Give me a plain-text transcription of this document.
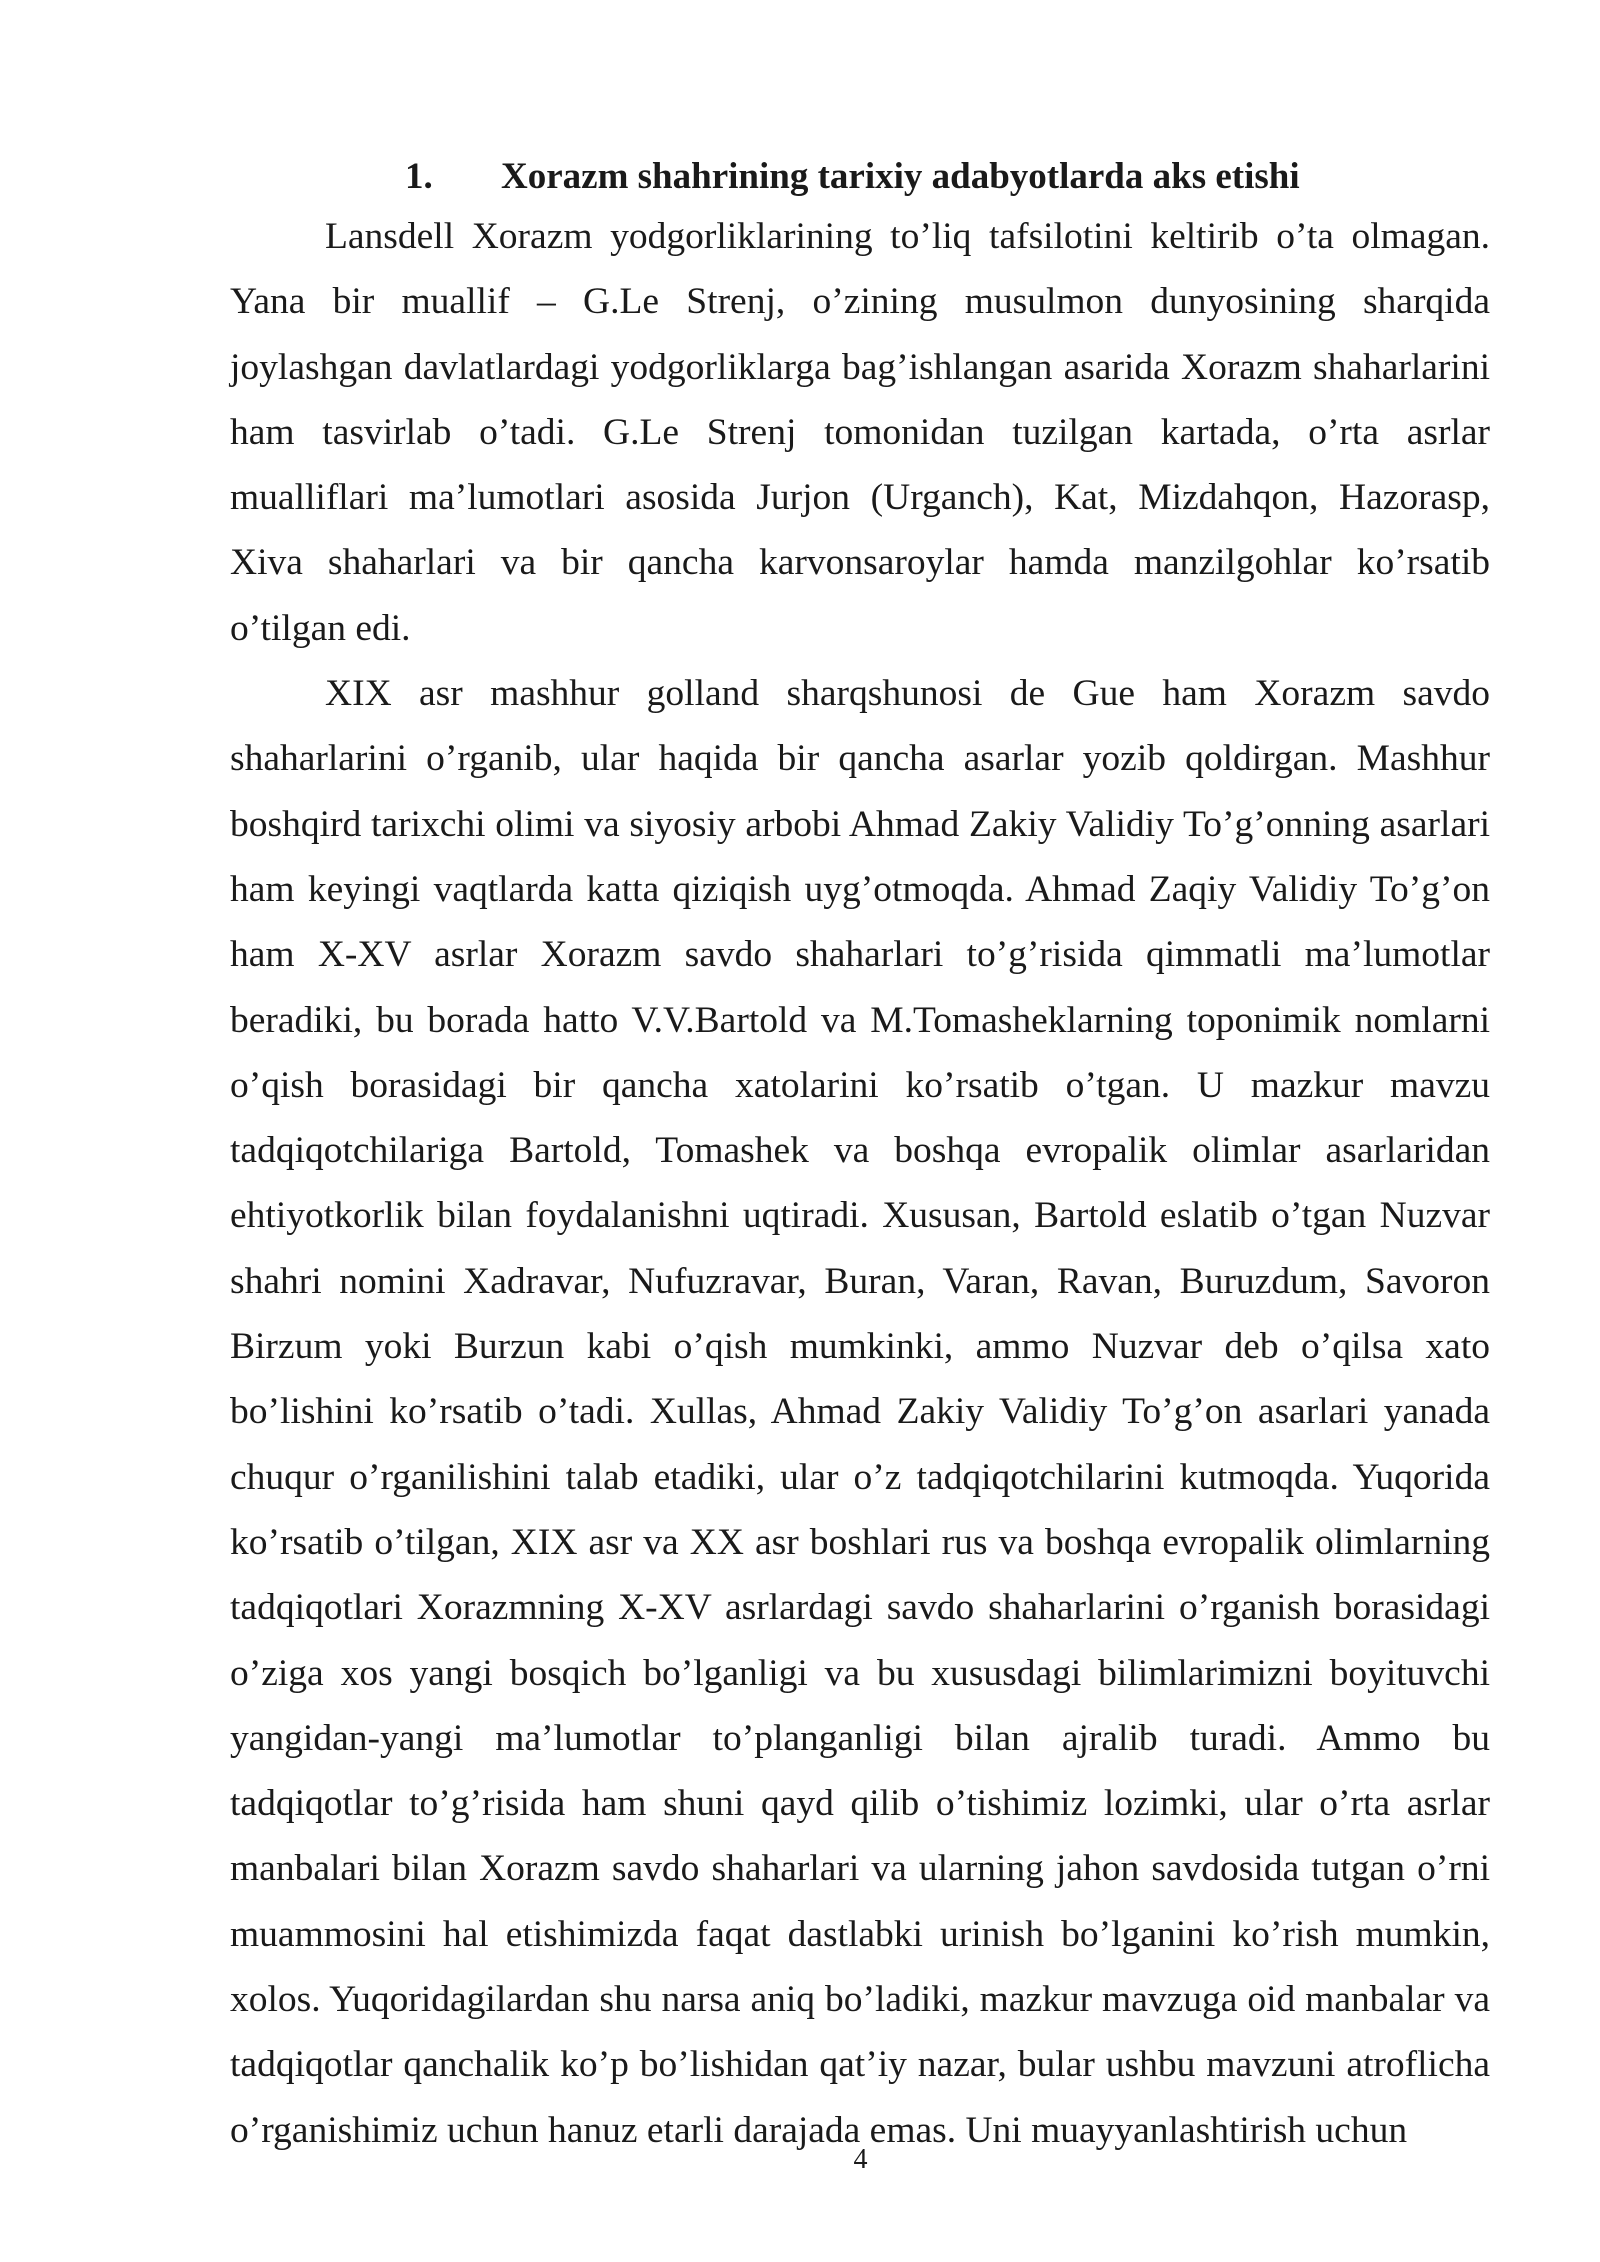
1. Xorazm shahrining tarixiy adabyotlarda aks etishi

Lansdell Xorazm yodgorliklarining to’liq tafsilotini keltirib o’ta olmagan. Yana bir muallif – G.Le Strenj, o’zining musulmon dunyosining sharqida joylashgan davlatlardagi yodgorliklarga bag’ishlangan asarida Xorazm shaharlarini ham tasvirlab o’tadi. G.Le Strenj tomonidan tuzilgan kartada, o’rta asrlar mualliflari ma’lumotlari asosida Jurjon (Urganch), Kat, Mizdahqon, Hazorasp, Xiva shaharlari va bir qancha karvonsaroylar hamda manzilgohlar ko’rsatib o’tilgan edi.

XIX asr mashhur golland sharqshunosi de Gue ham Xorazm savdo shaharlarini o’rganib, ular haqida bir qancha asarlar yozib qoldirgan. Mashhur boshqird tarixchi olimi va siyosiy arbobi Ahmad Zakiy Validiy To’g’onning asarlari ham keyingi vaqtlarda katta qiziqish uyg’otmoqda. Ahmad Zaqiy Validiy To’g’on ham X-XV asrlar Xorazm savdo shaharlari to’g’risida qimmatli ma’lumotlar beradiki, bu borada hatto V.V.Bartold va M.Tomasheklarning toponimik nomlarni o’qish borasidagi bir qancha xatolarini ko’rsatib o’tgan. U mazkur mavzu tadqiqotchilariga Bartold, Tomashek va boshqa evropalik olimlar asarlaridan ehtiyotkorlik bilan foydalanishni uqtiradi. Xususan, Bartold eslatib o’tgan Nuzvar shahri nomini Xadravar, Nufuzravar, Buran, Varan, Ravan, Buruzdum, Savoron Birzum yoki Burzun kabi o’qish mumkinki, ammo Nuzvar deb o’qilsa xato bo’lishini ko’rsatib o’tadi. Xullas, Ahmad Zakiy Validiy To’g’on asarlari yanada chuqur o’rganilishini talab etadiki, ular o’z tadqiqotchilarini kutmoqda. Yuqorida ko’rsatib o’tilgan, XIX asr va XX asr boshlari rus va boshqa evropalik olimlarning tadqiqotlari Xorazmning X-XV asrlardagi savdo shaharlarini o’rganish borasidagi o’ziga xos yangi bosqich bo’lganligi va bu xususdagi bilimlarimizni boyituvchi yangidan-yangi ma’lumotlar to’planganligi bilan ajralib turadi. Ammo bu tadqiqotlar to’g’risida ham shuni qayd qilib o’tishimiz lozimki, ular o’rta asrlar manbalari bilan Xorazm savdo shaharlari va ularning jahon savdosida tutgan o’rni muammosini hal etishimizda faqat dastlabki urinish bo’lganini ko’rish mumkin, xolos. Yuqoridagilardan shu narsa aniq bo’ladiki, mazkur mavzuga oid manbalar va tadqiqotlar qanchalik ko’p bo’lishidan qat’iy nazar, bular ushbu mavzuni atroflicha o’rganishimiz uchun hanuz etarli darajada emas. Uni muayyanlashtirish uchun

4
